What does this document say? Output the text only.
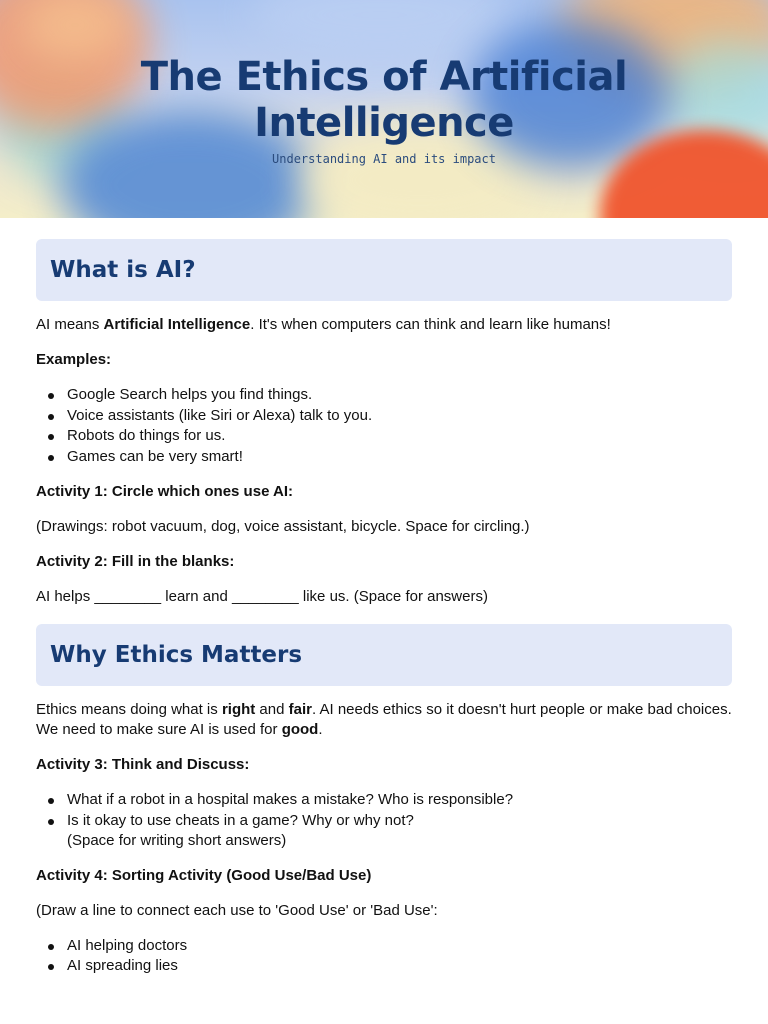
The Ethics of Artificial
Intelligence
Understanding AI and its impact
What is AI?

AI means Artificial Intelligence. It's when computers can think and learn like humans!

Examples:

Google Search helps you find things.
Voice assistants (like Siri or Alexa) talk to you.
Robots do things for us.
Games can be very smart!

Activity 1: Circle which ones use AI:

(Drawings: robot vacuum, dog, voice assistant, bicycle. Space for circling.)

Activity 2: Fill in the blanks:

AI helps ________ learn and ________ like us. (Space for answers)

Why Ethics Matters

Ethics means doing what is right and fair. AI needs ethics so it doesn't hurt people or make bad choices. We need to make sure AI is used for good.

Activity 3: Think and Discuss:

What if a robot in a hospital makes a mistake? Who is responsible?
Is it okay to use cheats in a game? Why or why not?
(Space for writing short answers)

Activity 4: Sorting Activity (Good Use/Bad Use)

(Draw a line to connect each use to 'Good Use' or 'Bad Use':

AI helping doctors
AI spreading lies
